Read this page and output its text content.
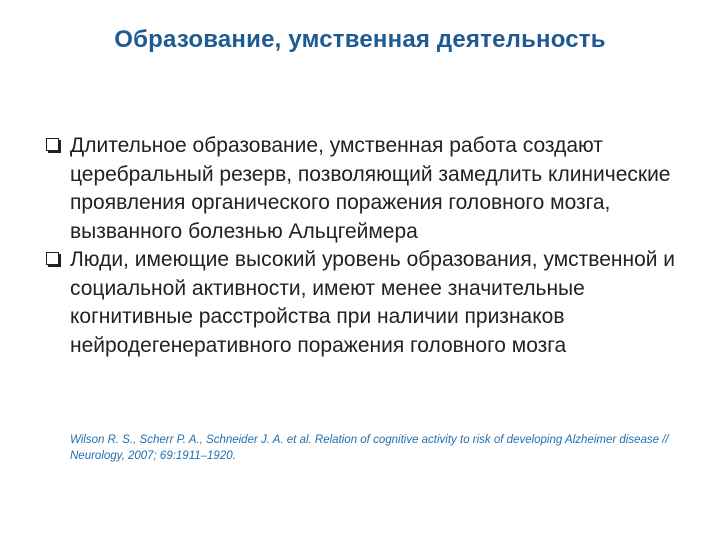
Образование, умственная деятельность
Длительное образование, умственная работа создают церебральный резерв, позволяющий замедлить клинические проявления органического поражения головного мозга, вызванного болезнью Альцгеймера
Люди, имеющие высокий уровень образования, умственной и социальной активности, имеют менее значительные когнитивные расстройства при наличии признаков нейродегенеративного поражения головного мозга
Wilson R. S., Scherr P. A., Schneider J. A. et al. Relation of cognitive activity to risk of developing Alzheimer disease // Neurology, 2007; 69:1911–1920.
